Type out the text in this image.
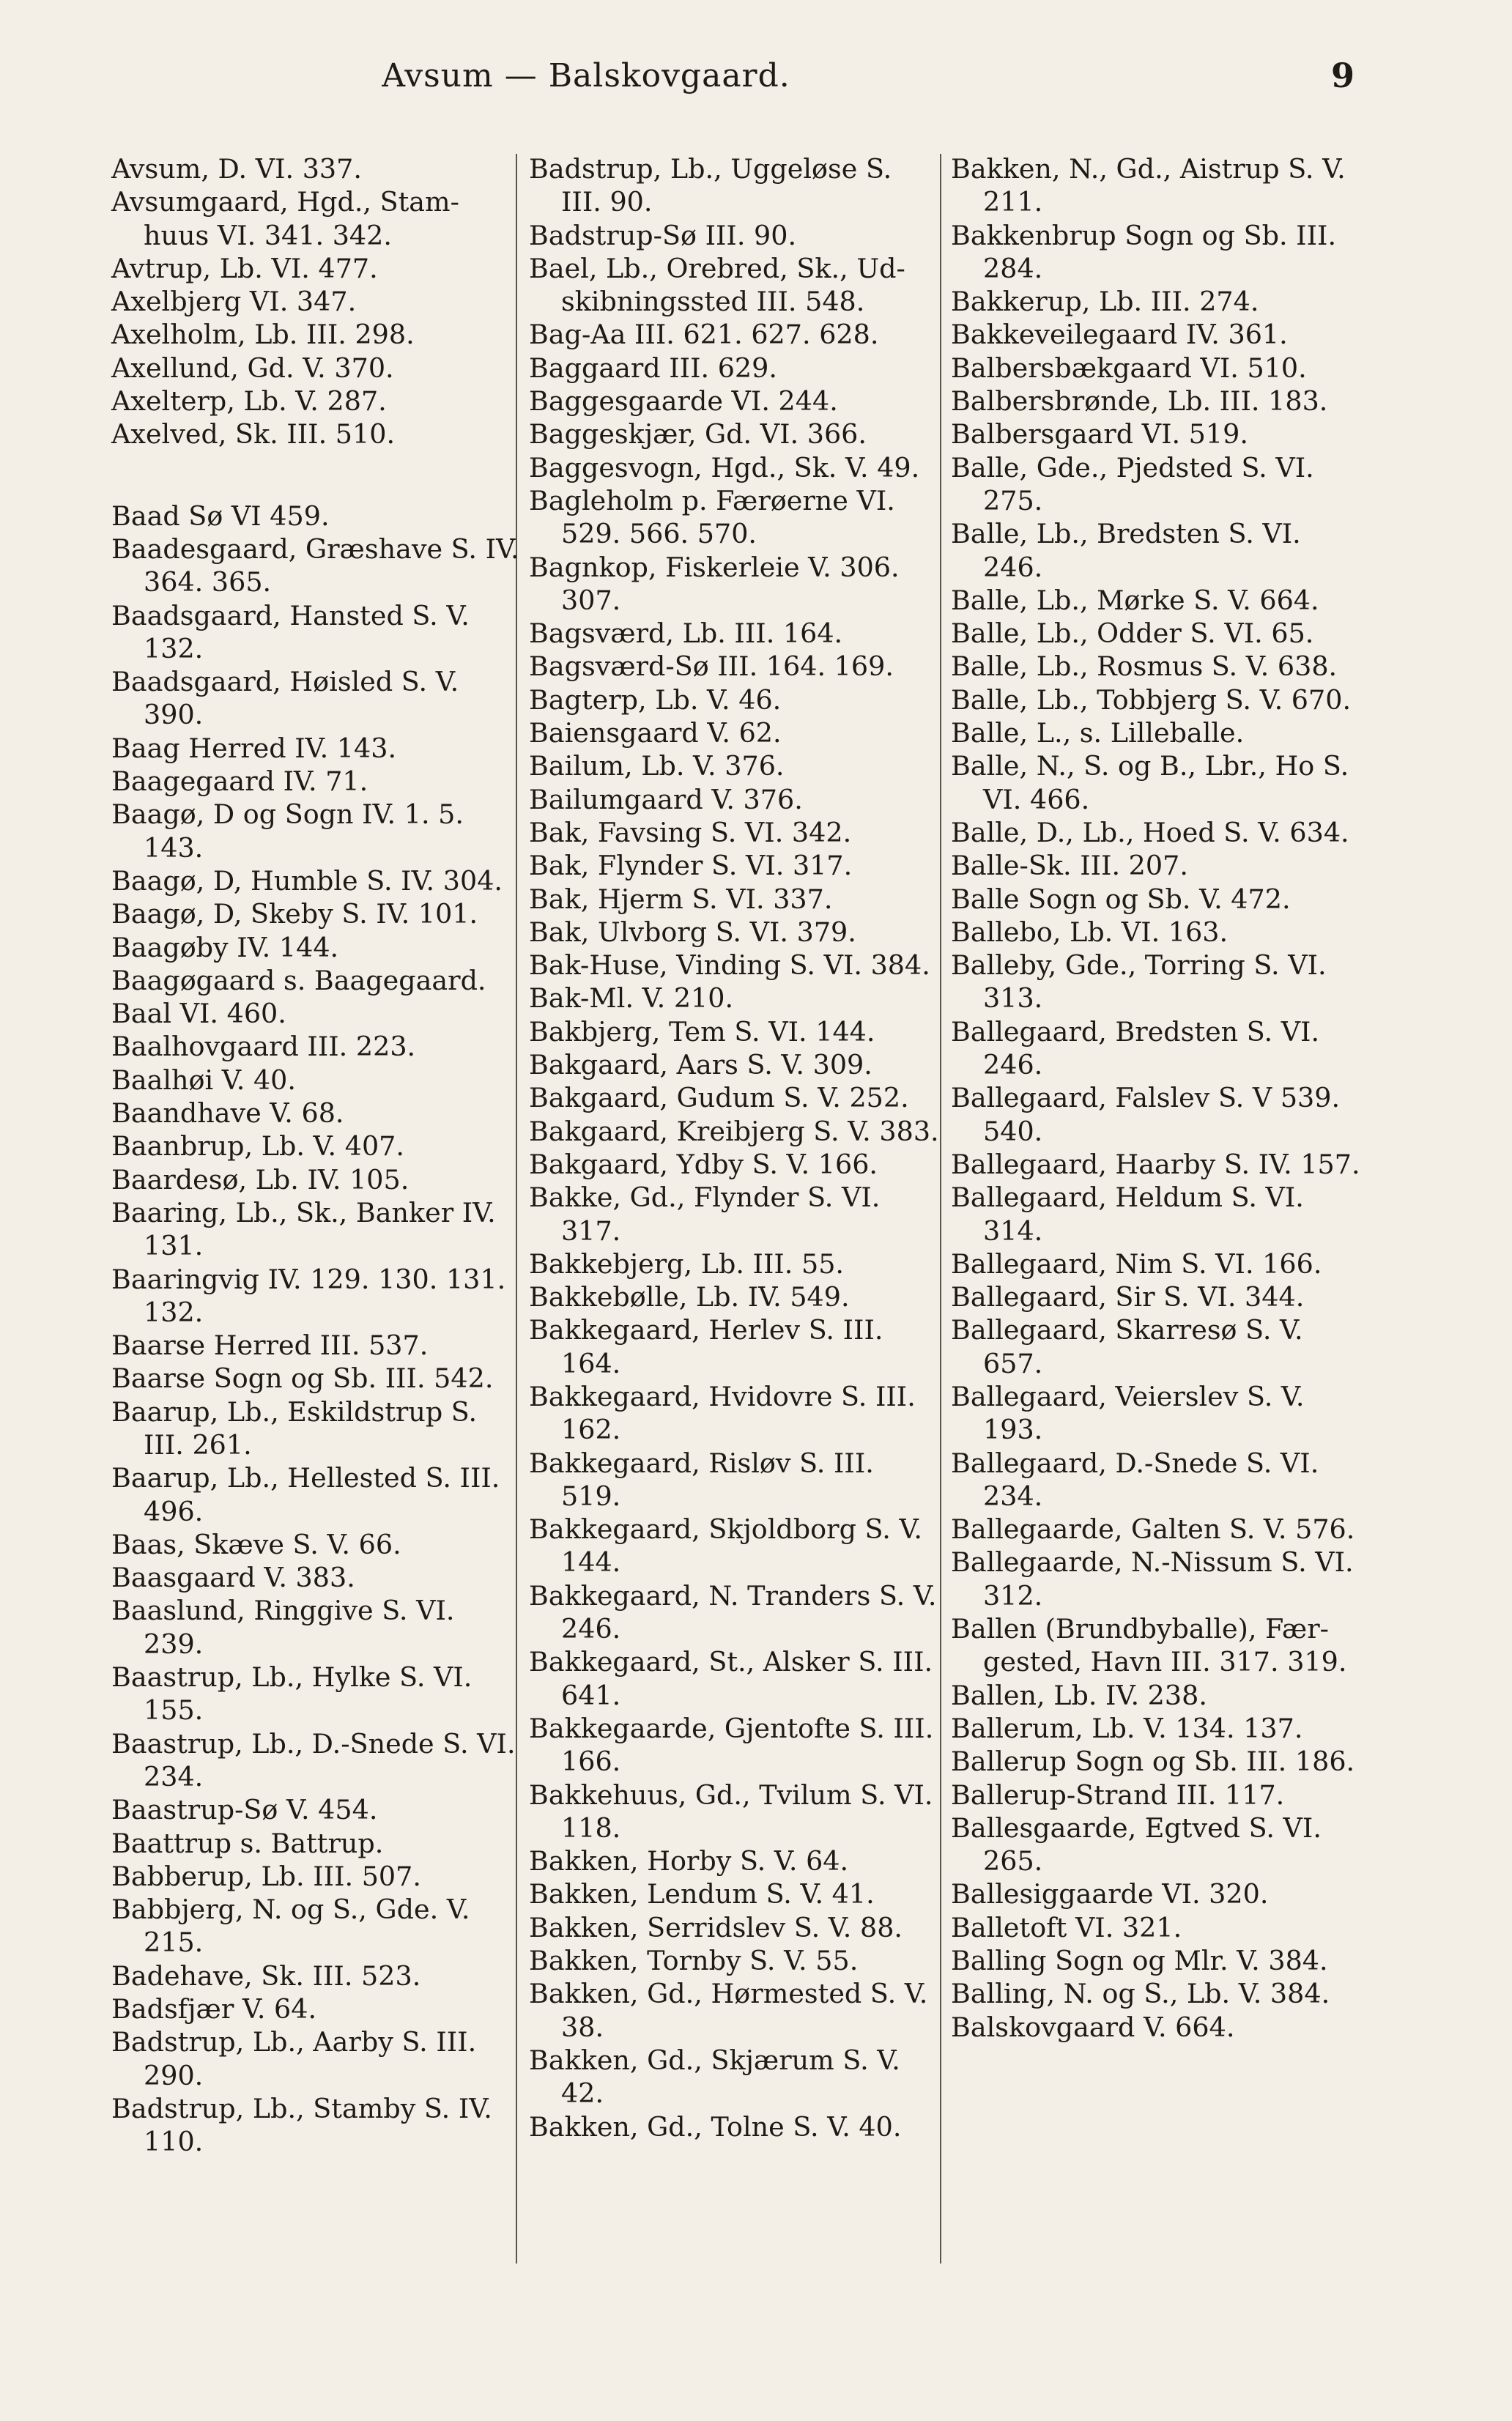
Avsum — Balskovgaard.	9

Avsum, D. VI. 337.

Avsumgaard, Hgd., Stam-huus VI. 341. 342.

Avtrup, Lb. VI. 477.

Axelbjerg VI. 347.

Axelholm, Lb. III. 298.

Axellund, Gd. V. 370.

Axelterp, Lb. V. 287.

Axelved, Sk. III. 510.

Baad Sø VI 459.

Baadesgaard, Græshave S. IV. 364. 365.

Baadsgaard, Hansted S. V. 132.

Baadsgaard, Høisled S. V. 390.

Baag Herred IV. 143.

Baagegaard IV. 71.

Baagø, D og Sogn IV. 1. 5. 143.

Baagø, D, Humble S. IV. 304.

Baagø, D, Skeby S. IV. 101.

Baagøby IV. 144.

Baagøgaard s. Baagegaard.

Baal VI. 460.

Baalhovgaard III. 223.

Baalhøi V. 40.

Baandhave V. 68.

Baanbrup, Lb. V. 407.

Baardesø, Lb. IV. 105.

Baaring, Lb., Sk., Banker IV. 131.

Baaringvig IV. 129. 130. 131. 132.

Baarse Herred III. 537.

Baarse Sogn og Sb. III. 542.

Baarup, Lb., Eskildstrup S. III. 261.

Baarup, Lb., Hellested S. III. 496.

Baas, Skæve S. V. 66.

Baasgaard V. 383.

Baaslund, Ringgive S. VI. 239.

Baastrup, Lb., Hylke S. VI. 155.

Baastrup, Lb., D.-Snede S. VI. 234.

Baastrup-Sø V. 454.

Baattrup s. Battrup.

Babberup, Lb. III. 507.

Babbjerg, N. og S., Gde. V. 215.

Badehave, Sk. III. 523.

Badsfjær V. 64.

Badstrup, Lb., Aarby S. III. 290.

Badstrup, Lb., Stamby S. IV. 110.

Badstrup, Lb., Uggeløse S. III. 90.

Badstrup-Sø III. 90.

Bael, Lb., Orebred, Sk., Ud-skibningssted III. 548.

Bag-Aa III. 621. 627. 628.

Baggaard III. 629.

Baggesgaarde VI. 244.

Baggeskjær, Gd. VI. 366.

Baggesvogn, Hgd., Sk. V. 49.

Bagleholm p. Færøerne VI. 529. 566. 570.

Bagnkop, Fiskerleie V. 306. 307.

Bagsværd, Lb. III. 164.

Bagsværd-Sø III. 164. 169.

Bagterp, Lb. V. 46.

Baiensgaard V. 62.

Bailum, Lb. V. 376.

Bailumgaard V. 376.

Bak, Favsing S. VI. 342.

Bak, Flynder S. VI. 317.

Bak, Hjerm S. VI. 337.

Bak, Ulvborg S. VI. 379.

Bak-Huse, Vinding S. VI. 384.

Bak-Ml. V. 210.

Bakbjerg, Tem S. VI. 144.

Bakgaard, Aars S. V. 309.

Bakgaard, Gudum S. V. 252.

Bakgaard, Kreibjerg S. V. 383.

Bakgaard, Ydby S. V. 166.

Bakke, Gd., Flynder S. VI. 317.

Bakkebjerg, Lb. III. 55.

Bakkebølle, Lb. IV. 549.

Bakkegaard, Herlev S. III. 164.

Bakkegaard, Hvidovre S. III. 162.

Bakkegaard, Risløv S. III. 519.

Bakkegaard, Skjoldborg S. V. 144.

Bakkegaard, N. Tranders S. V. 246.

Bakkegaard, St., Alsker S. III. 641.

Bakkegaarde, Gjentofte S. III. 166.

Bakkehuus, Gd., Tvilum S. VI. 118.

Bakken, Horby S. V. 64.

Bakken, Lendum S. V. 41.

Bakken, Serridslev S. V. 88.

Bakken, Tornby S. V. 55.

Bakken, Gd., Hørmested S. V. 38.

Bakken, Gd., Skjærum S. V. 42.

Bakken, Gd., Tolne S. V. 40.

Bakken, N., Gd., Aistrup S. V. 211.

Bakkenbrup Sogn og Sb. III. 284.

Bakkerup, Lb. III. 274.

Bakkeveilegaard IV. 361.

Balbersbækgaard VI. 510.

Balbersbrønde, Lb. III. 183.

Balbersgaard VI. 519.

Balle, Gde., Pjedsted S. VI. 275.

Balle, Lb., Bredsten S. VI. 246.

Balle, Lb., Mørke S. V. 664.

Balle, Lb., Odder S. VI. 65.

Balle, Lb., Rosmus S. V. 638.

Balle, Lb., Tobbjerg S. V. 670.

Balle, L., s. Lilleballe.

Balle, N., S. og B., Lbr., Ho S. VI. 466.

Balle, D., Lb., Hoed S. V. 634.

Balle-Sk. III. 207.

Balle Sogn og Sb. V. 472.

Ballebo, Lb. VI. 163.

Balleby, Gde., Torring S. VI. 313.

Ballegaard, Bredsten S. VI. 246.

Ballegaard, Falslev S. V 539. 540.

Ballegaard, Haarby S. IV. 157.

Ballegaard, Heldum S. VI. 314.

Ballegaard, Nim S. VI. 166.

Ballegaard, Sir S. VI. 344.

Ballegaard, Skarresø S. V. 657.

Ballegaard, Veierslev S. V. 193.

Ballegaard, D.-Snede S. VI. 234.

Ballegaarde, Galten S. V. 576.

Ballegaarde, N.-Nissum S. VI. 312.

Ballen (Brundbyballe), Fær-gested, Havn III. 317. 319.

Ballen, Lb. IV. 238.

Ballerum, Lb. V. 134. 137.

Ballerup Sogn og Sb. III. 186.

Ballerup-Strand III. 117.

Ballesgaarde, Egtved S. VI. 265.

Ballesiggaarde VI. 320.

Balletoft VI. 321.

Balling Sogn og Mlr. V. 384.

Balling, N. og S., Lb. V. 384.

Balskovgaard V. 664.
